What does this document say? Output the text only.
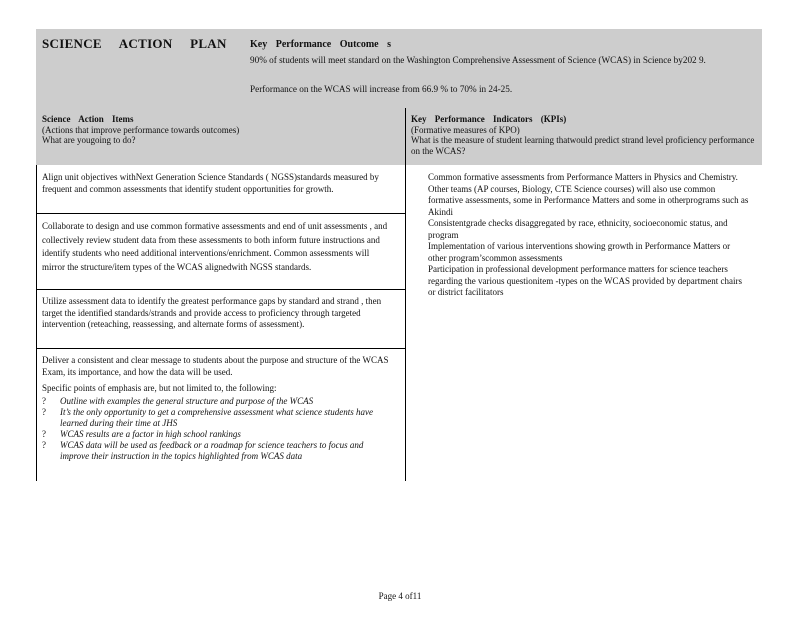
SCIENCE ACTION PLAN Key Performance Outcome s
90% of students will meet standard on the Washington Comprehensive Assessment of Science (WCAS) in Science by202 9.
Performance on the WCAS will increase from 66.9 % to 70% in 24-25.
Science Action Items
(Actions that improve performance towards outcomes)
What are yougoing to do?
Key Performance Indicators (KPIs)
(Formative measures of KPO)
What is the measure of student learning thatwould predict strand level proficiency performance on the WCAS?

Align unit objectives withNext Generation Science Standards ( NGSS)standards measured by frequent and common assessments that identify student opportunities for growth.

Collaborate to design and use common formative assessments and end of unit assessments , and collectively review student data from these assessments to both inform future instructions and identify students who need additional interventions/enrichment. Common assessments will mirror the structure/item types of the WCAS alignedwith NGSS standards.

Utilize assessment data to identify the greatest performance gaps by standard and strand , then target the identified standards/strands and provide access to proficiency through targeted intervention (reteaching, reassessing, and alternate forms of assessment).

Deliver a consistent and clear message to students about the purpose and structure of the WCAS Exam, its importance, and how the data will be used.

Specific points of emphasis are, but not limited to, the following:

? Outline with examples the general structure and purpose of the WCAS
? It’s the only opportunity to get a comprehensive assessment what science students have learned during their time at JHS
? WCAS results are a factor in high school rankings
? WCAS data will be used as feedback or a roadmap for science teachers to focus and improve their instruction in the topics highlighted from WCAS data
Common formative assessments from Performance Matters in Physics and Chemistry. Other teams (AP courses, Biology, CTE Science courses) will also use common formative assessments, some in Performance Matters and some in otherprograms such as Akindi
Consistentgrade checks disaggregated by race, ethnicity, socioeconomic status, and program
Implementation of various interventions showing growth in Performance Matters or other program’scommon assessments
Participation in professional development performance matters for science teachers regarding the various questionitem -types on the WCAS provided by department chairs or district facilitators
Page 4 of11
